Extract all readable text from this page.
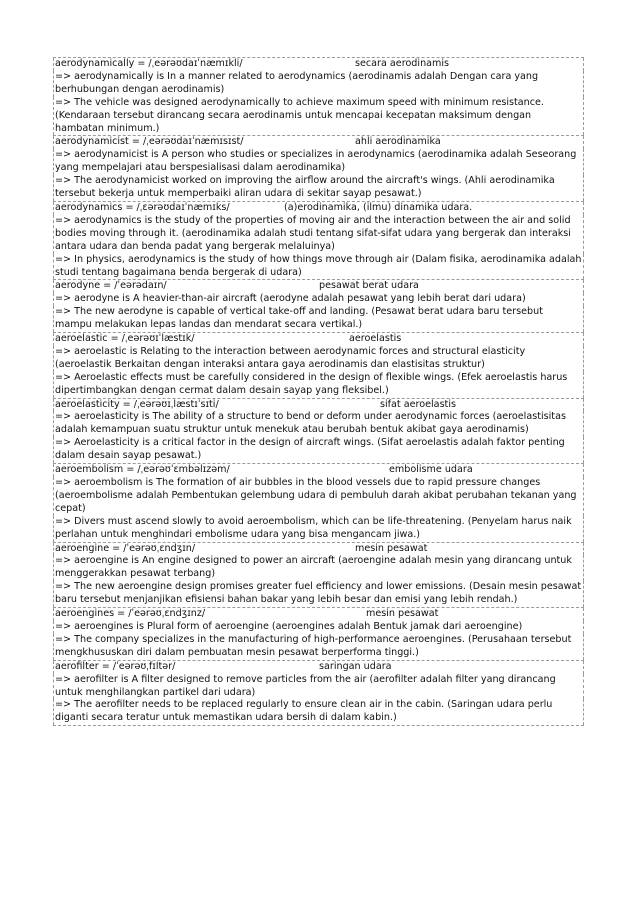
aerodynamically = /ˌeərəʊdaɪˈnæmɪkli/	secara aerodinamis
=> aerodynamically is In a manner related to aerodynamics (aerodinamis adalah Dengan cara yang berhubungan dengan aerodinamis)
=> The vehicle was designed aerodynamically to achieve maximum speed with minimum resistance. (Kendaraan tersebut dirancang secara aerodinamis untuk mencapai kecepatan maksimum dengan hambatan minimum.)
aerodynamicist = /ˌeərəʊdaɪˈnæmɪsɪst/	ahli aerodinamika
=> aerodynamicist is A person who studies or specializes in aerodynamics (aerodinamika adalah Seseorang yang mempelajari atau berspesialisasi dalam aerodinamika)
=> The aerodynamicist worked on improving the airflow around the aircraft's wings. (Ahli aerodinamika tersebut bekerja untuk memperbaiki aliran udara di sekitar sayap pesawat.)
aerodynamics = /ˌɛərəʊdaɪˈnæmɪks/	(a)erodinamika, (ilmu) dinamika udara.
=> aerodynamics is the study of the properties of moving air and the interaction between the air and solid bodies moving through it. (aerodinamika adalah studi tentang sifat-sifat udara yang bergerak dan interaksi antara udara dan benda padat yang bergerak melaluinya)
=> In physics, aerodynamics is the study of how things move through air (Dalam fisika, aerodinamika adalah studi tentang bagaimana benda bergerak di udara)
aerodyne = /ˈeərədaɪn/	pesawat berat udara
=> aerodyne is A heavier-than-air aircraft (aerodyne adalah pesawat yang lebih berat dari udara)
=> The new aerodyne is capable of vertical take-off and landing. (Pesawat berat udara baru tersebut mampu melakukan lepas landas dan mendarat secara vertikal.)
aeroelastic = /ˌeərəʊɪˈlæstɪk/	aeroelastis
=> aeroelastic is Relating to the interaction between aerodynamic forces and structural elasticity (aeroelastik Berkaitan dengan interaksi antara gaya aerodinamis dan elastisitas struktur)
=> Aeroelastic effects must be carefully considered in the design of flexible wings. (Efek aeroelastis harus dipertimbangkan dengan cermat dalam desain sayap yang fleksibel.)
aeroelasticity = /ˌeərəʊɪˌlæstɪˈsɪti/	sifat aeroelastis
=> aeroelasticity is The ability of a structure to bend or deform under aerodynamic forces (aeroelastisitas adalah kemampuan suatu struktur untuk menekuk atau berubah bentuk akibat gaya aerodinamis)
=> Aeroelasticity is a critical factor in the design of aircraft wings. (Sifat aeroelastis adalah faktor penting dalam desain sayap pesawat.)
aeroembolism = /ˌeərəʊˈɛmbəlɪzəm/	embolisme udara
=> aeroembolism is The formation of air bubbles in the blood vessels due to rapid pressure changes (aeroembolisme adalah Pembentukan gelembung udara di pembuluh darah akibat perubahan tekanan yang cepat)
=> Divers must ascend slowly to avoid aeroembolism, which can be life-threatening. (Penyelam harus naik perlahan untuk menghindari embolisme udara yang bisa mengancam jiwa.)
aeroengine = /ˈeərəʊˌɛndʒɪn/	mesin pesawat
=> aeroengine is An engine designed to power an aircraft (aeroengine adalah mesin yang dirancang untuk menggerakkan pesawat terbang)
=> The new aeroengine design promises greater fuel efficiency and lower emissions. (Desain mesin pesawat baru tersebut menjanjikan efisiensi bahan bakar yang lebih besar dan emisi yang lebih rendah.)
aeroengines = /ˈeərəʊˌɛndʒɪnz/	mesin pesawat
=> aeroengines is Plural form of aeroengine (aeroengines adalah Bentuk jamak dari aeroengine)
=> The company specializes in the manufacturing of high-performance aeroengines. (Perusahaan tersebut mengkhususkan diri dalam pembuatan mesin pesawat berperforma tinggi.)
aerofilter = /ˈeərəʊˌfɪltər/	saringan udara
=> aerofilter is A filter designed to remove particles from the air (aerofilter adalah filter yang dirancang untuk menghilangkan partikel dari udara)
=> The aerofilter needs to be replaced regularly to ensure clean air in the cabin. (Saringan udara perlu diganti secara teratur untuk memastikan udara bersih di dalam kabin.)
